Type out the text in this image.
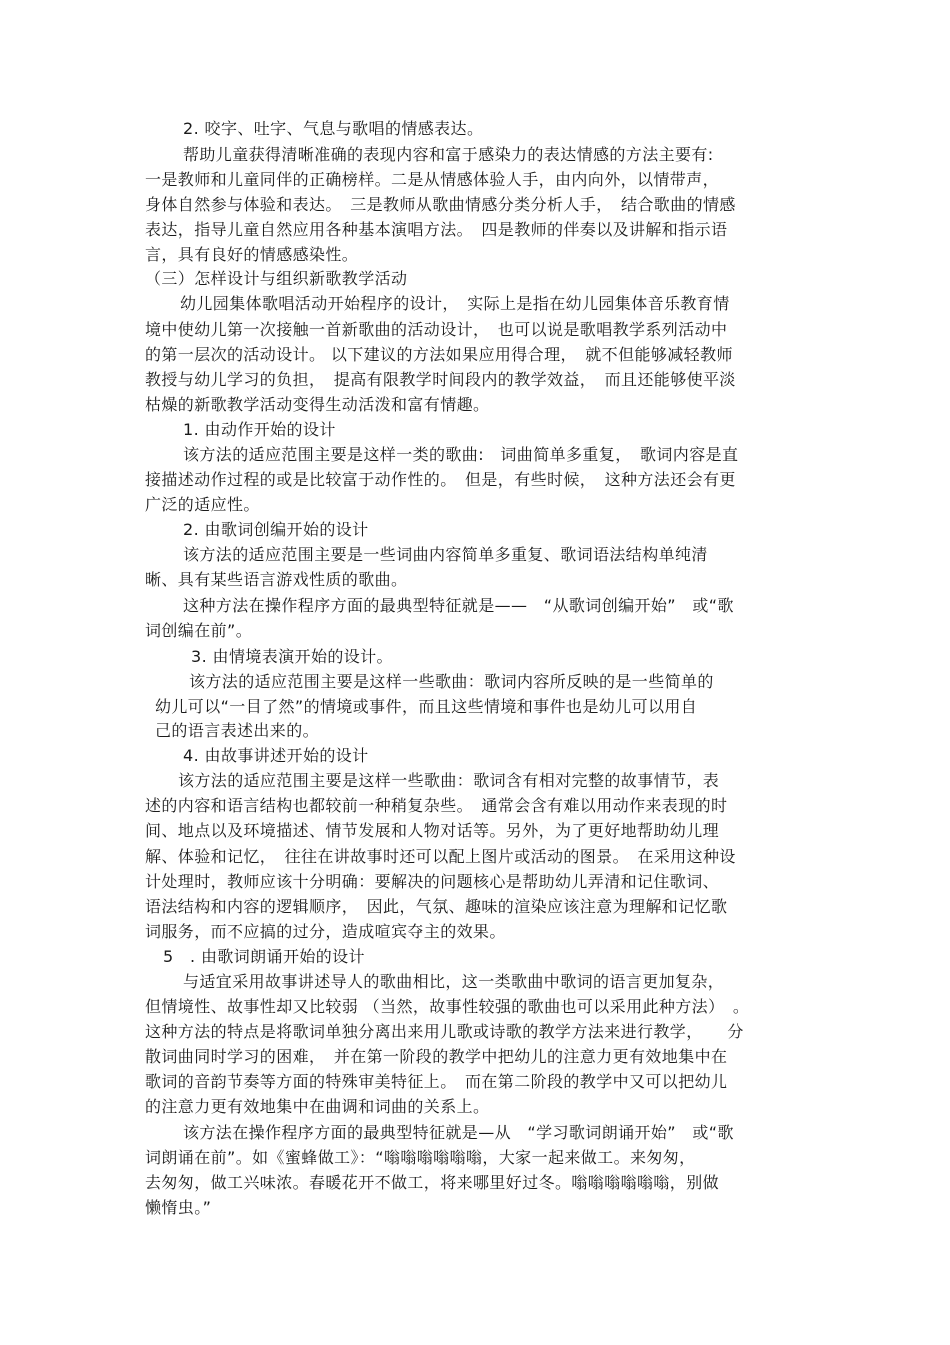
2. 咬字、吐字、气息与歌唱的情感表达。
帮助儿童获得清晰准确的表现内容和富于感染力的表达情感的方法主要有:
一是教师和儿童同伴的正确榜样。二是从情感体验人手，由内向外，以情带声，
身体自然参与体验和表达。　三是教师从歌曲情感分类分析人手，　结合歌曲的情感
表达，指导儿童自然应用各种基本演唱方法。　四是教师的伴奏以及讲解和指示语
言，具有良好的情感感染性。
（三）怎样设计与组织新歌教学活动
幼儿园集体歌唱活动开始程序的设计，　实际上是指在幼儿园集体音乐教育情
境中使幼儿第一次接触一首新歌曲的活动设计，　也可以说是歌唱教学系列活动中
的第一层次的活动设计。 以下建议的方法如果应用得合理，　就不但能够减轻教师
教授与幼儿学习的负担，　提高有限教学时间段内的教学效益，　而且还能够使平淡
枯燥的新歌教学活动变得生动活泼和富有情趣。
1. 由动作开始的设计
该方法的适应范围主要是这样一类的歌曲:　词曲简单多重复，　歌词内容是直
接描述动作过程的或是比较富于动作性的。　但是，有些时候，　这种方法还会有更
广泛的适应性。
2. 由歌词创编开始的设计
该方法的适应范围主要是一些词曲内容简单多重复、歌词语法结构单纯清
晰、具有某些语言游戏性质的歌曲。
这种方法在操作程序方面的最典型特征就是——　“从歌词创编开始”　或“歌
词创编在前”。
3. 由情境表演开始的设计。
该方法的适应范围主要是这样一些歌曲：歌词内容所反映的是一些简单的
幼儿可以“一目了然”的情境或事件，而且这些情境和事件也是幼儿可以用自
己的语言表述出来的。
4. 由故事讲述开始的设计
该方法的适应范围主要是这样一些歌曲：歌词含有相对完整的故事情节，表
述的内容和语言结构也都较前一种稍复杂些。　通常会含有难以用动作来表现的时
间、地点以及环境描述、情节发展和人物对话等。另外，为了更好地帮助幼儿理
解、体验和记忆，　往往在讲故事时还可以配上图片或活动的图景。　在采用这种设
计处理时，教师应该十分明确：要解决的问题核心是帮助幼儿弄清和记住歌词、
语法结构和内容的逻辑顺序，　因此，气氛、趣味的渲染应该注意为理解和记忆歌
词服务，而不应搞的过分，造成喧宾夺主的效果。
5　. 由歌词朗诵开始的设计
与适宜采用故事讲述导人的歌曲相比，这一类歌曲中歌词的语言更加复杂，
但情境性、故事性却又比较弱 （当然，故事性较强的歌曲也可以采用此种方法）　。
这种方法的特点是将歌词单独分离出来用儿歌或诗歌的教学方法来进行教学，　　分
散词曲同时学习的困难，　并在第一阶段的教学中把幼儿的注意力更有效地集中在
歌词的音韵节奏等方面的特殊审美特征上。　而在第二阶段的教学中又可以把幼儿
的注意力更有效地集中在曲调和词曲的关系上。
该方法在操作程序方面的最典型特征就是—从　“学习歌词朗诵开始”　或“歌
词朗诵在前”。如《蜜蜂做工》：“嗡嗡嗡嗡嗡嗡，大家一起来做工。来匆匆，
去匆匆，做工兴味浓。春暖花开不做工，将来哪里好过冬。嗡嗡嗡嗡嗡嗡，别做
懒惰虫。”
